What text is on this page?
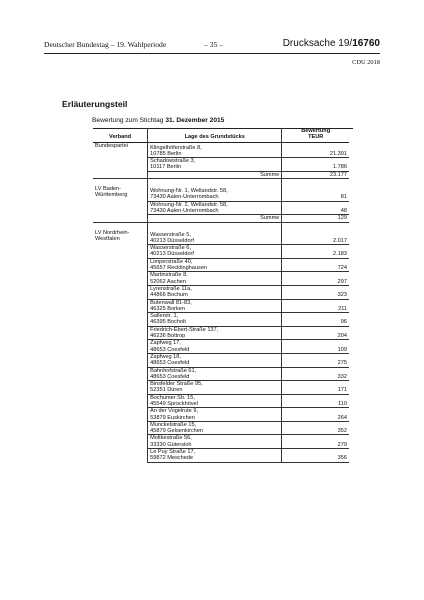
Deutscher Bundestag – 19. Wahlperiode	– 35 –	Drucksache 19/16760
CDU 2018
Erläuterungsteil
Bewertung zum Stichtag 31. Dezember 2015

Verband	Lage des Grundstücks	Bewertung
TEUR
Bundespartei	Klingelhöferstraße 8,
10785 Berlin	21.391
	Schadowstraße 3,
10117 Berlin	1.786
	Summe	23.177

LV Baden-
Württemberg	Wohnung-Nr. 1, Wellandstr. 58,
73430 Aalen-Unterrombach	81
	Wohnung-Nr. 2, Wellandstr. 58,
73430 Aalen-Unterrombach	48
	Summe	129

LV Nordrhein-
Westfalen	Wasserstraße 5,
40213 Düsseldorf	2.017
	Wasserstraße 6,
40213 Düsseldorf	2.183
	Limperstraße 40,
45657 Recklinghausen	724
	Martinstraße 8,
52062 Aachen	297
	Lyrenstraße 11a,
44866 Bochum	323
	Butenwall 81-83,
46325 Borken	211
	Sallerstr. 1,
46395 Bocholt	96
	Friedrich-Ebert-Straße 137,
46236 Bottrop	204
	Zapfweg 17,
48653 Coesfeld	109
	Zapfweg 18,
48653 Coesfeld	275
	Bahnhofstraße 61,
48653 Coesfeld	332
	Binsfelder Straße 95,
52351 Düren	171
	Bochumer Str. 15,
45549 Sprockhövel	110
	An der Vogelrute 9,
53879 Euskirchen	264
	Munckelstraße 15,
45879 Gelsenkirchen	352
	Moltkestraße 56,
33330 Gütersloh	279
	Le Puy Straße 17,
59872 Meschede	356
